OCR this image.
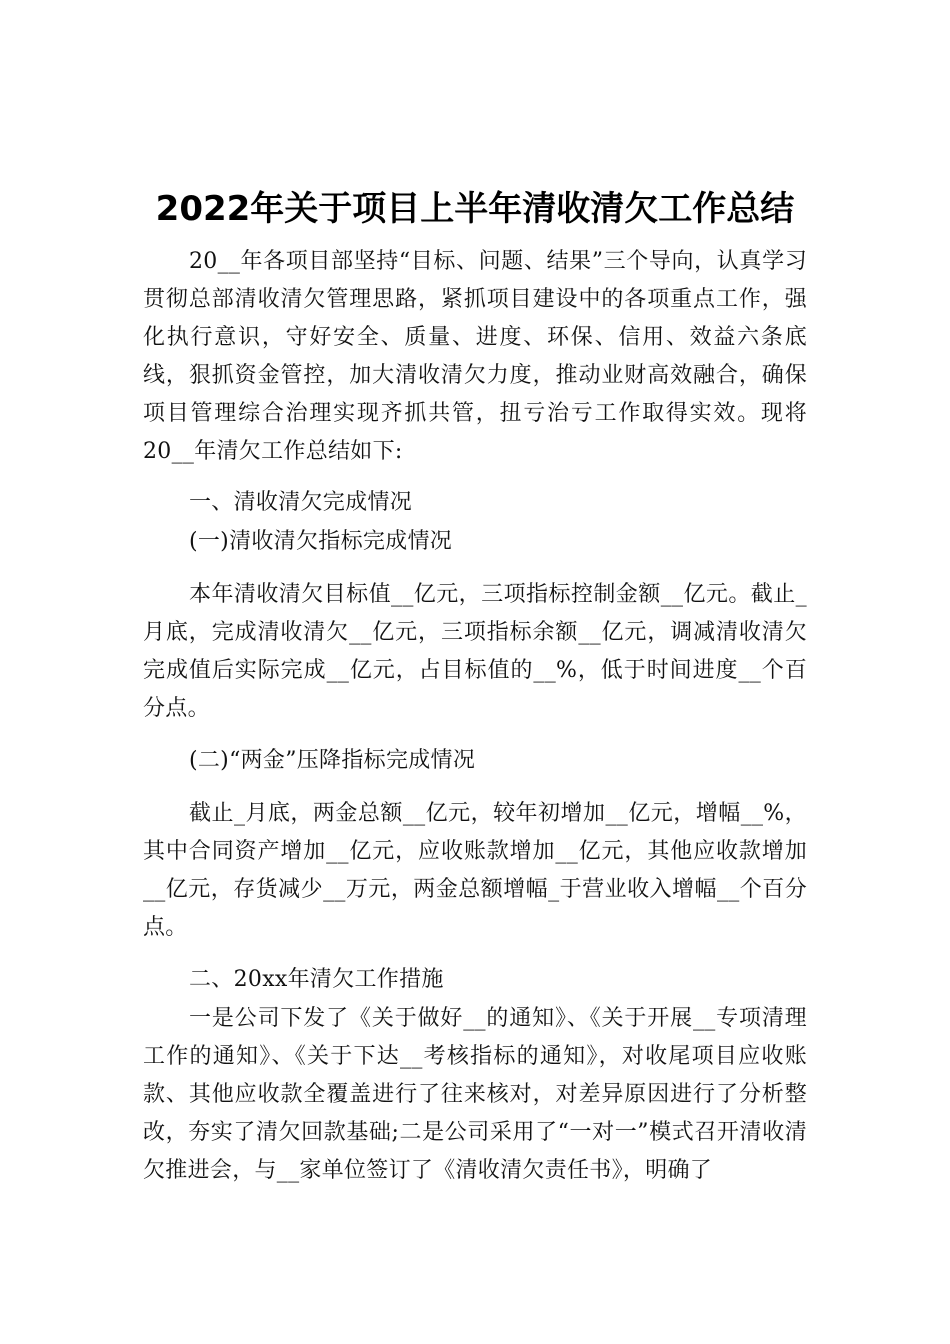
2022年关于项目上半年清收清欠工作总结

20__年各项目部坚持“目标、问题、结果”三个导向，认真学习贯彻总部清收清欠管理思路，紧抓项目建设中的各项重点工作，强化执行意识，守好安全、质量、进度、环保、信用、效益六条底线，狠抓资金管控，加大清收清欠力度，推动业财高效融合，确保项目管理综合治理实现齐抓共管，扭亏治亏工作取得实效。现将20__年清欠工作总结如下:

一、清收清欠完成情况

(一)清收清欠指标完成情况

本年清收清欠目标值__亿元，三项指标控制金额__亿元。截止_月底，完成清收清欠__亿元，三项指标余额__亿元，调减清收清欠完成值后实际完成__亿元，占目标值的__%，低于时间进度__个百分点。

(二)“两金”压降指标完成情况

截止_月底，两金总额__亿元，较年初增加__亿元，增幅__%，其中合同资产增加__亿元，应收账款增加__亿元，其他应收款增加__亿元，存货减少__万元，两金总额增幅_于营业收入增幅__个百分点。

二、20xx年清欠工作措施

一是公司下发了《关于做好__的通知》、《关于开展__专项清理工作的通知》、《关于下达__考核指标的通知》，对收尾项目应收账款、其他应收款全覆盖进行了往来核对，对差异原因进行了分析整改，夯实了清欠回款基础;二是公司采用了“一对一”模式召开清收清欠推进会，与__家单位签订了《清收清欠责任书》，明确了
